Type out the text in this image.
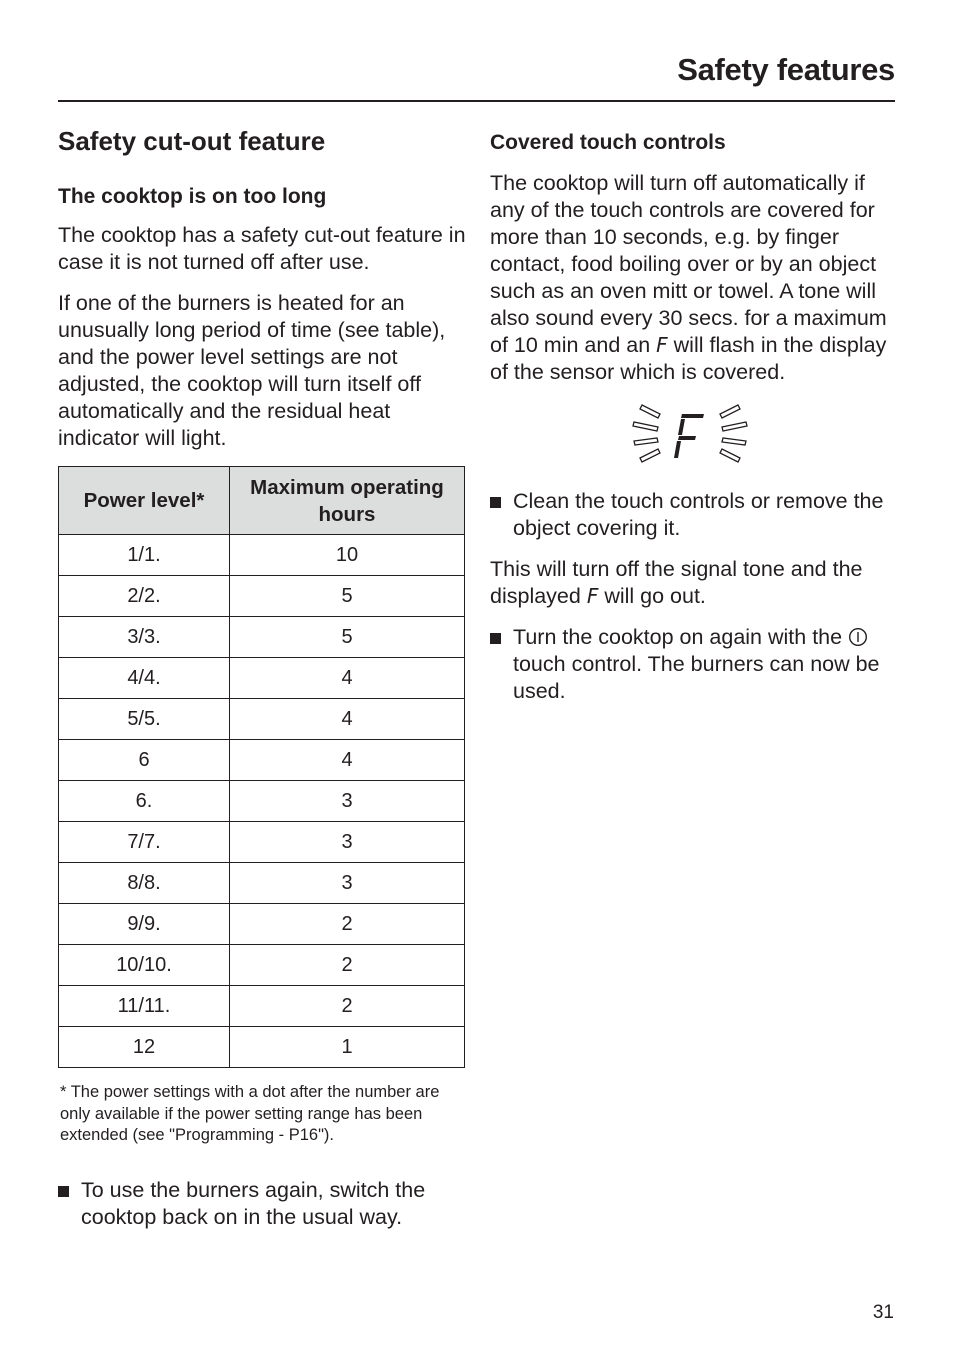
Safety features
Safety cut-out feature
The cooktop is on too long

The cooktop has a safety cut-out feature in case it is not turned off after use.

If one of the burners is heated for an unusually long period of time (see table), and the power level settings are not adjusted, the cooktop will turn itself off automatically and the residual heat indicator will light.

Power level*	Maximum operating hours
1/1.	10
2/2.	5
3/3.	5
4/4.	4
5/5.	4
6	4
6.	3
7/7.	3
8/8.	3
9/9.	2
10/10.	2
11/11.	2
12	1

* The power settings with a dot after the number are only available if the power setting range has been extended (see "Programming - P16").

To use the burners again, switch the cooktop back on in the usual way.
Covered touch controls

The cooktop will turn off automatically if any of the touch controls are covered for more than 10 seconds, e.g. by finger contact, food boiling over or by an object such as an oven mitt or towel. A tone will also sound every 30 secs. for a maximum of 10 min and an F will flash in the display of the sensor which is covered.

Clean the touch controls or remove the object covering it.

This will turn off the signal tone and the displayed F will go out.

Turn the cooktop on again with the  touch control. The burners can now be used.
31
